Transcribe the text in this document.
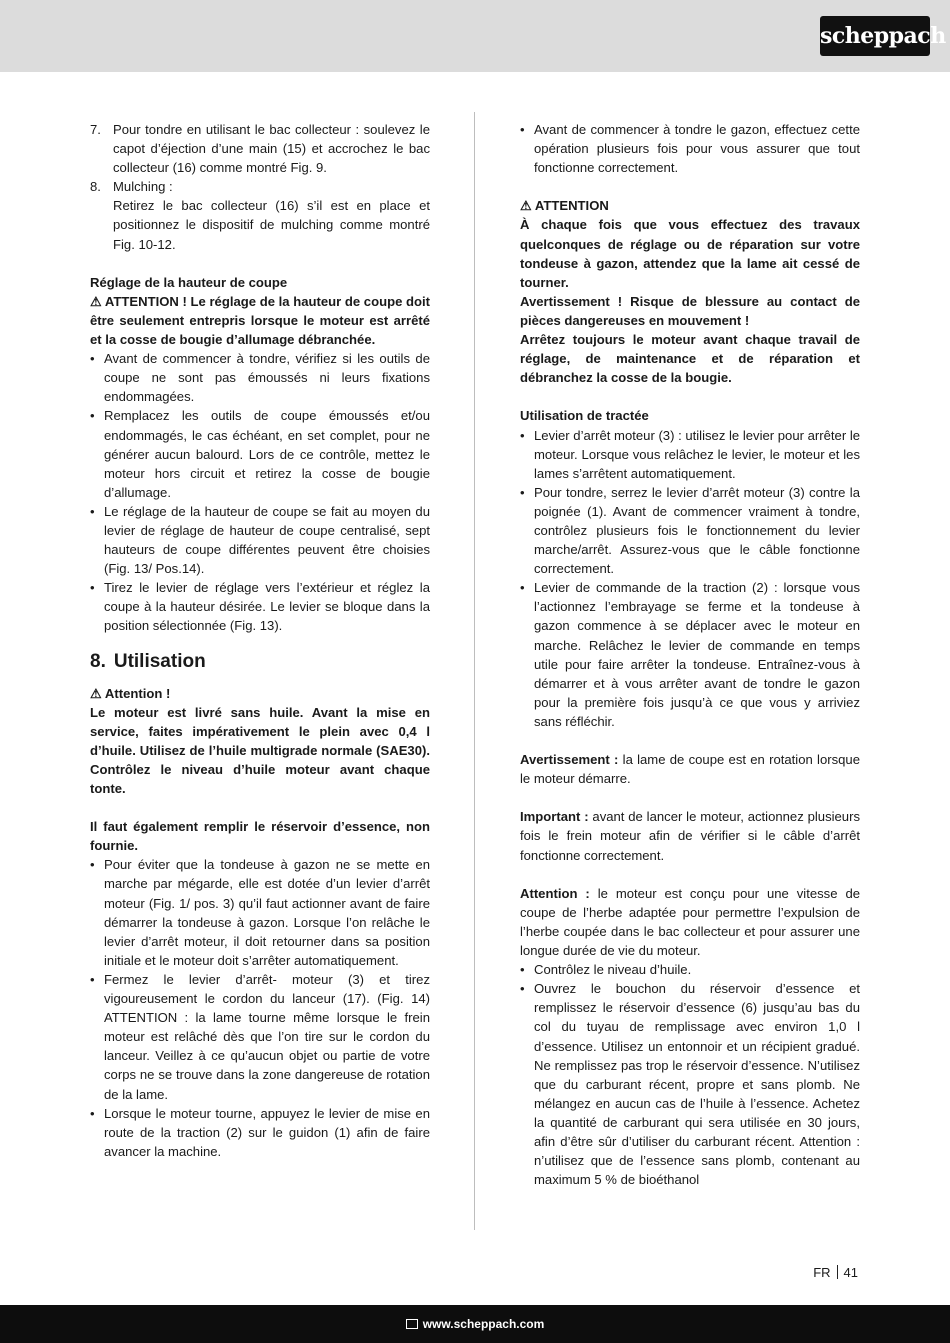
scheppach
7. Pour tondre en utilisant le bac collecteur : soulevez le capot d’éjection d’une main (15) et accrochez le bac collecteur (16) comme montré Fig. 9.
8. Mulching :
Retirez le bac collecteur (16) s’il est en place et positionnez le dispositif de mulching comme montré Fig. 10-12.

Réglage de la hauteur de coupe

⚠ ATTENTION ! Le réglage de la hauteur de coupe doit être seulement entrepris lorsque le moteur est arrêté et la cosse de bougie d’allumage débranchée.

• Avant de commencer à tondre, vérifiez si les outils de coupe ne sont pas émoussés ni leurs fixations endommagées.
• Remplacez les outils de coupe émoussés et/ou endommagés, le cas échéant, en set complet, pour ne générer aucun balourd. Lors de ce contrôle, mettez le moteur hors circuit et retirez la cosse de bougie d’allumage.
• Le réglage de la hauteur de coupe se fait au moyen du levier de réglage de hauteur de coupe centralisé, sept hauteurs de coupe différentes peuvent être choisies (Fig. 13/ Pos.14).
• Tirez le levier de réglage vers l’extérieur et réglez la coupe à la hauteur désirée. Le levier se bloque dans la position sélectionnée (Fig. 13).
8. Utilisation

⚠ Attention !

Le moteur est livré sans huile. Avant la mise en service, faites impérativement le plein avec 0,4 l d’huile. Utilisez de l’huile multigrade normale (SAE30). Contrôlez le niveau d’huile moteur avant chaque tonte.

Il faut également remplir le réservoir d’essence, non fournie.

• Pour éviter que la tondeuse à gazon ne se mette en marche par mégarde, elle est dotée d’un levier d’arrêt moteur (Fig. 1/ pos. 3) qu’il faut actionner avant de faire démarrer la tondeuse à gazon. Lorsque l’on relâche le levier d’arrêt moteur, il doit retourner dans sa position initiale et le moteur doit s’arrêter automatiquement.
• Fermez le levier d’arrêt- moteur (3) et tirez vigoureusement le cordon du lanceur (17). (Fig. 14) ATTENTION : la lame tourne même lorsque le frein moteur est relâché dès que l’on tire sur le cordon du lanceur. Veillez à ce qu’aucun objet ou partie de votre corps ne se trouve dans la zone dangereuse de rotation de la lame.
• Lorsque le moteur tourne, appuyez le levier de mise en route de la traction (2) sur le guidon (1) afin de faire avancer la machine.
• Avant de commencer à tondre le gazon, effectuez cette opération plusieurs fois pour vous assurer que tout fonctionne correctement.

⚠ ATTENTION

À chaque fois que vous effectuez des travaux quelconques de réglage ou de réparation sur votre tondeuse à gazon, attendez que la lame ait cessé de tourner.

Avertissement ! Risque de blessure au contact de pièces dangereuses en mouvement !

Arrêtez toujours le moteur avant chaque travail de réglage, de maintenance et de réparation et débranchez la cosse de la bougie.

Utilisation de tractée

• Levier d’arrêt moteur (3) : utilisez le levier pour arrêter le moteur. Lorsque vous relâchez le levier, le moteur et les lames s’arrêtent automatiquement.
• Pour tondre, serrez le levier d’arrêt moteur (3) contre la poignée (1). Avant de commencer vraiment à tondre, contrôlez plusieurs fois le fonctionnement du levier marche/arrêt. Assurez-vous que le câble fonctionne correctement.
• Levier de commande de la traction (2) : lorsque vous l’actionnez l’embrayage se ferme et la tondeuse à gazon commence à se déplacer avec le moteur en marche. Relâchez le levier de commande en temps utile pour faire arrêter la tondeuse. Entraînez-vous à démarrer et à vous arrêter avant de tondre le gazon pour la première fois jusqu’à ce que vous y arriviez sans réfléchir.

Avertissement : la lame de coupe est en rotation lorsque le moteur démarre.

Important : avant de lancer le moteur, actionnez plusieurs fois le frein moteur afin de vérifier si le câble d’arrêt fonctionne correctement.

Attention : le moteur est conçu pour une vitesse de coupe de l’herbe adaptée pour permettre l’expulsion de l’herbe coupée dans le bac collecteur et pour assurer une longue durée de vie du moteur.

• Contrôlez le niveau d’huile.
• Ouvrez le bouchon du réservoir d’essence et remplissez le réservoir d’essence (6) jusqu’au bas du col du tuyau de remplissage avec environ 1,0 l d’essence. Utilisez un entonnoir et un récipient gradué. Ne remplissez pas trop le réservoir d’essence. N’utilisez que du carburant récent, propre et sans plomb. Ne mélangez en aucun cas de l’huile à l’essence. Achetez la quantité de carburant qui sera utilisée en 30 jours, afin d’être sûr d’utiliser du carburant récent. Attention : n’utilisez que de l’essence sans plomb, contenant au maximum 5 % de bioéthanol
FR 41
www.scheppach.com
